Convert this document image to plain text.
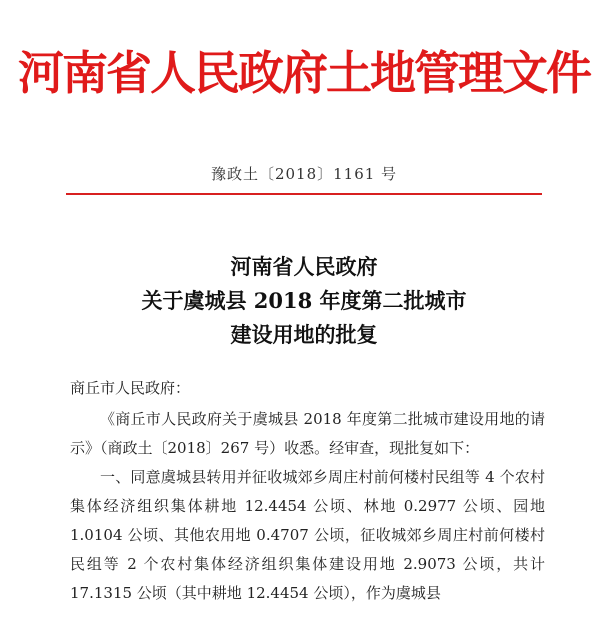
河南省人民政府土地管理文件
豫政土〔2018〕1161 号
河南省人民政府
关于虞城县 2018 年度第二批城市
建设用地的批复

商丘市人民政府：

《商丘市人民政府关于虞城县 2018 年度第二批城市建设用地的请示》（商政土〔2018〕267 号）收悉。经审查，现批复如下：

一、同意虞城县转用并征收城郊乡周庄村前何楼村民组等 4 个农村集体经济组织集体耕地 12.4454 公顷、林地 0.2977 公顷、园地 1.0104 公顷、其他农用地 0.4707 公顷，征收城郊乡周庄村前何楼村民组等 2 个农村集体经济组织集体建设用地 2.9073 公顷，共计 17.1315 公顷（其中耕地 12.4454 公顷），作为虞城县
